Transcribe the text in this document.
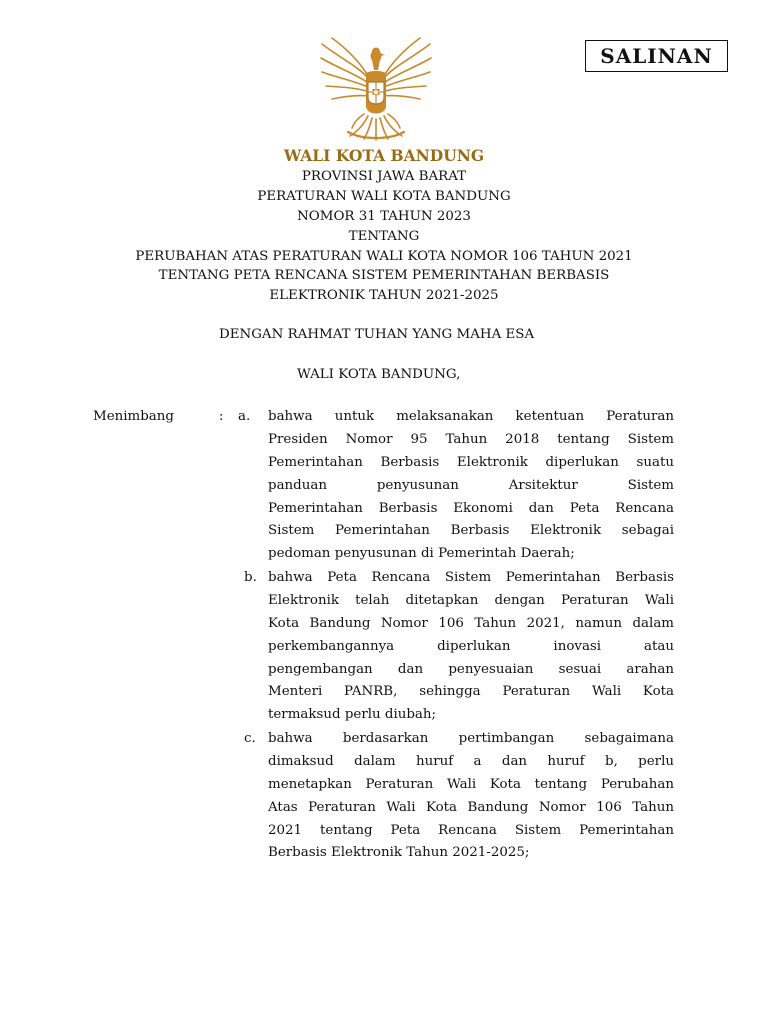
SALINAN
WALI KOTA BANDUNG
PROVINSI JAWA BARAT
PERATURAN WALI KOTA BANDUNG
NOMOR 31 TAHUN 2023
TENTANG
PERUBAHAN ATAS PERATURAN WALI KOTA NOMOR 106 TAHUN 2021
TENTANG PETA RENCANA SISTEM PEMERINTAHAN BERBASIS
ELEKTRONIK TAHUN 2021-2025
DENGAN RAHMAT TUHAN YANG MAHA ESA
WALI KOTA BANDUNG,
Menimbang	: a. bahwa untuk melaksanakan ketentuan Peraturan
Presiden Nomor 95 Tahun 2018 tentang Sistem
Pemerintahan Berbasis Elektronik diperlukan suatu
panduan penyusunan Arsitektur Sistem
Pemerintahan Berbasis Ekonomi dan Peta Rencana
Sistem Pemerintahan Berbasis Elektronik sebagai
pedoman penyusunan di Pemerintah Daerah;
b. bahwa Peta Rencana Sistem Pemerintahan Berbasis
Elektronik telah ditetapkan dengan Peraturan Wali
Kota Bandung Nomor 106 Tahun 2021, namun dalam
perkembangannya diperlukan inovasi atau
pengembangan dan penyesuaian sesuai arahan
Menteri PANRB, sehingga Peraturan Wali Kota
termaksud perlu diubah;
c. bahwa berdasarkan pertimbangan sebagaimana
dimaksud dalam huruf a dan huruf b, perlu
menetapkan Peraturan Wali Kota tentang Perubahan
Atas Peraturan Wali Kota Bandung Nomor 106 Tahun
2021 tentang Peta Rencana Sistem Pemerintahan
Berbasis Elektronik Tahun 2021-2025;
